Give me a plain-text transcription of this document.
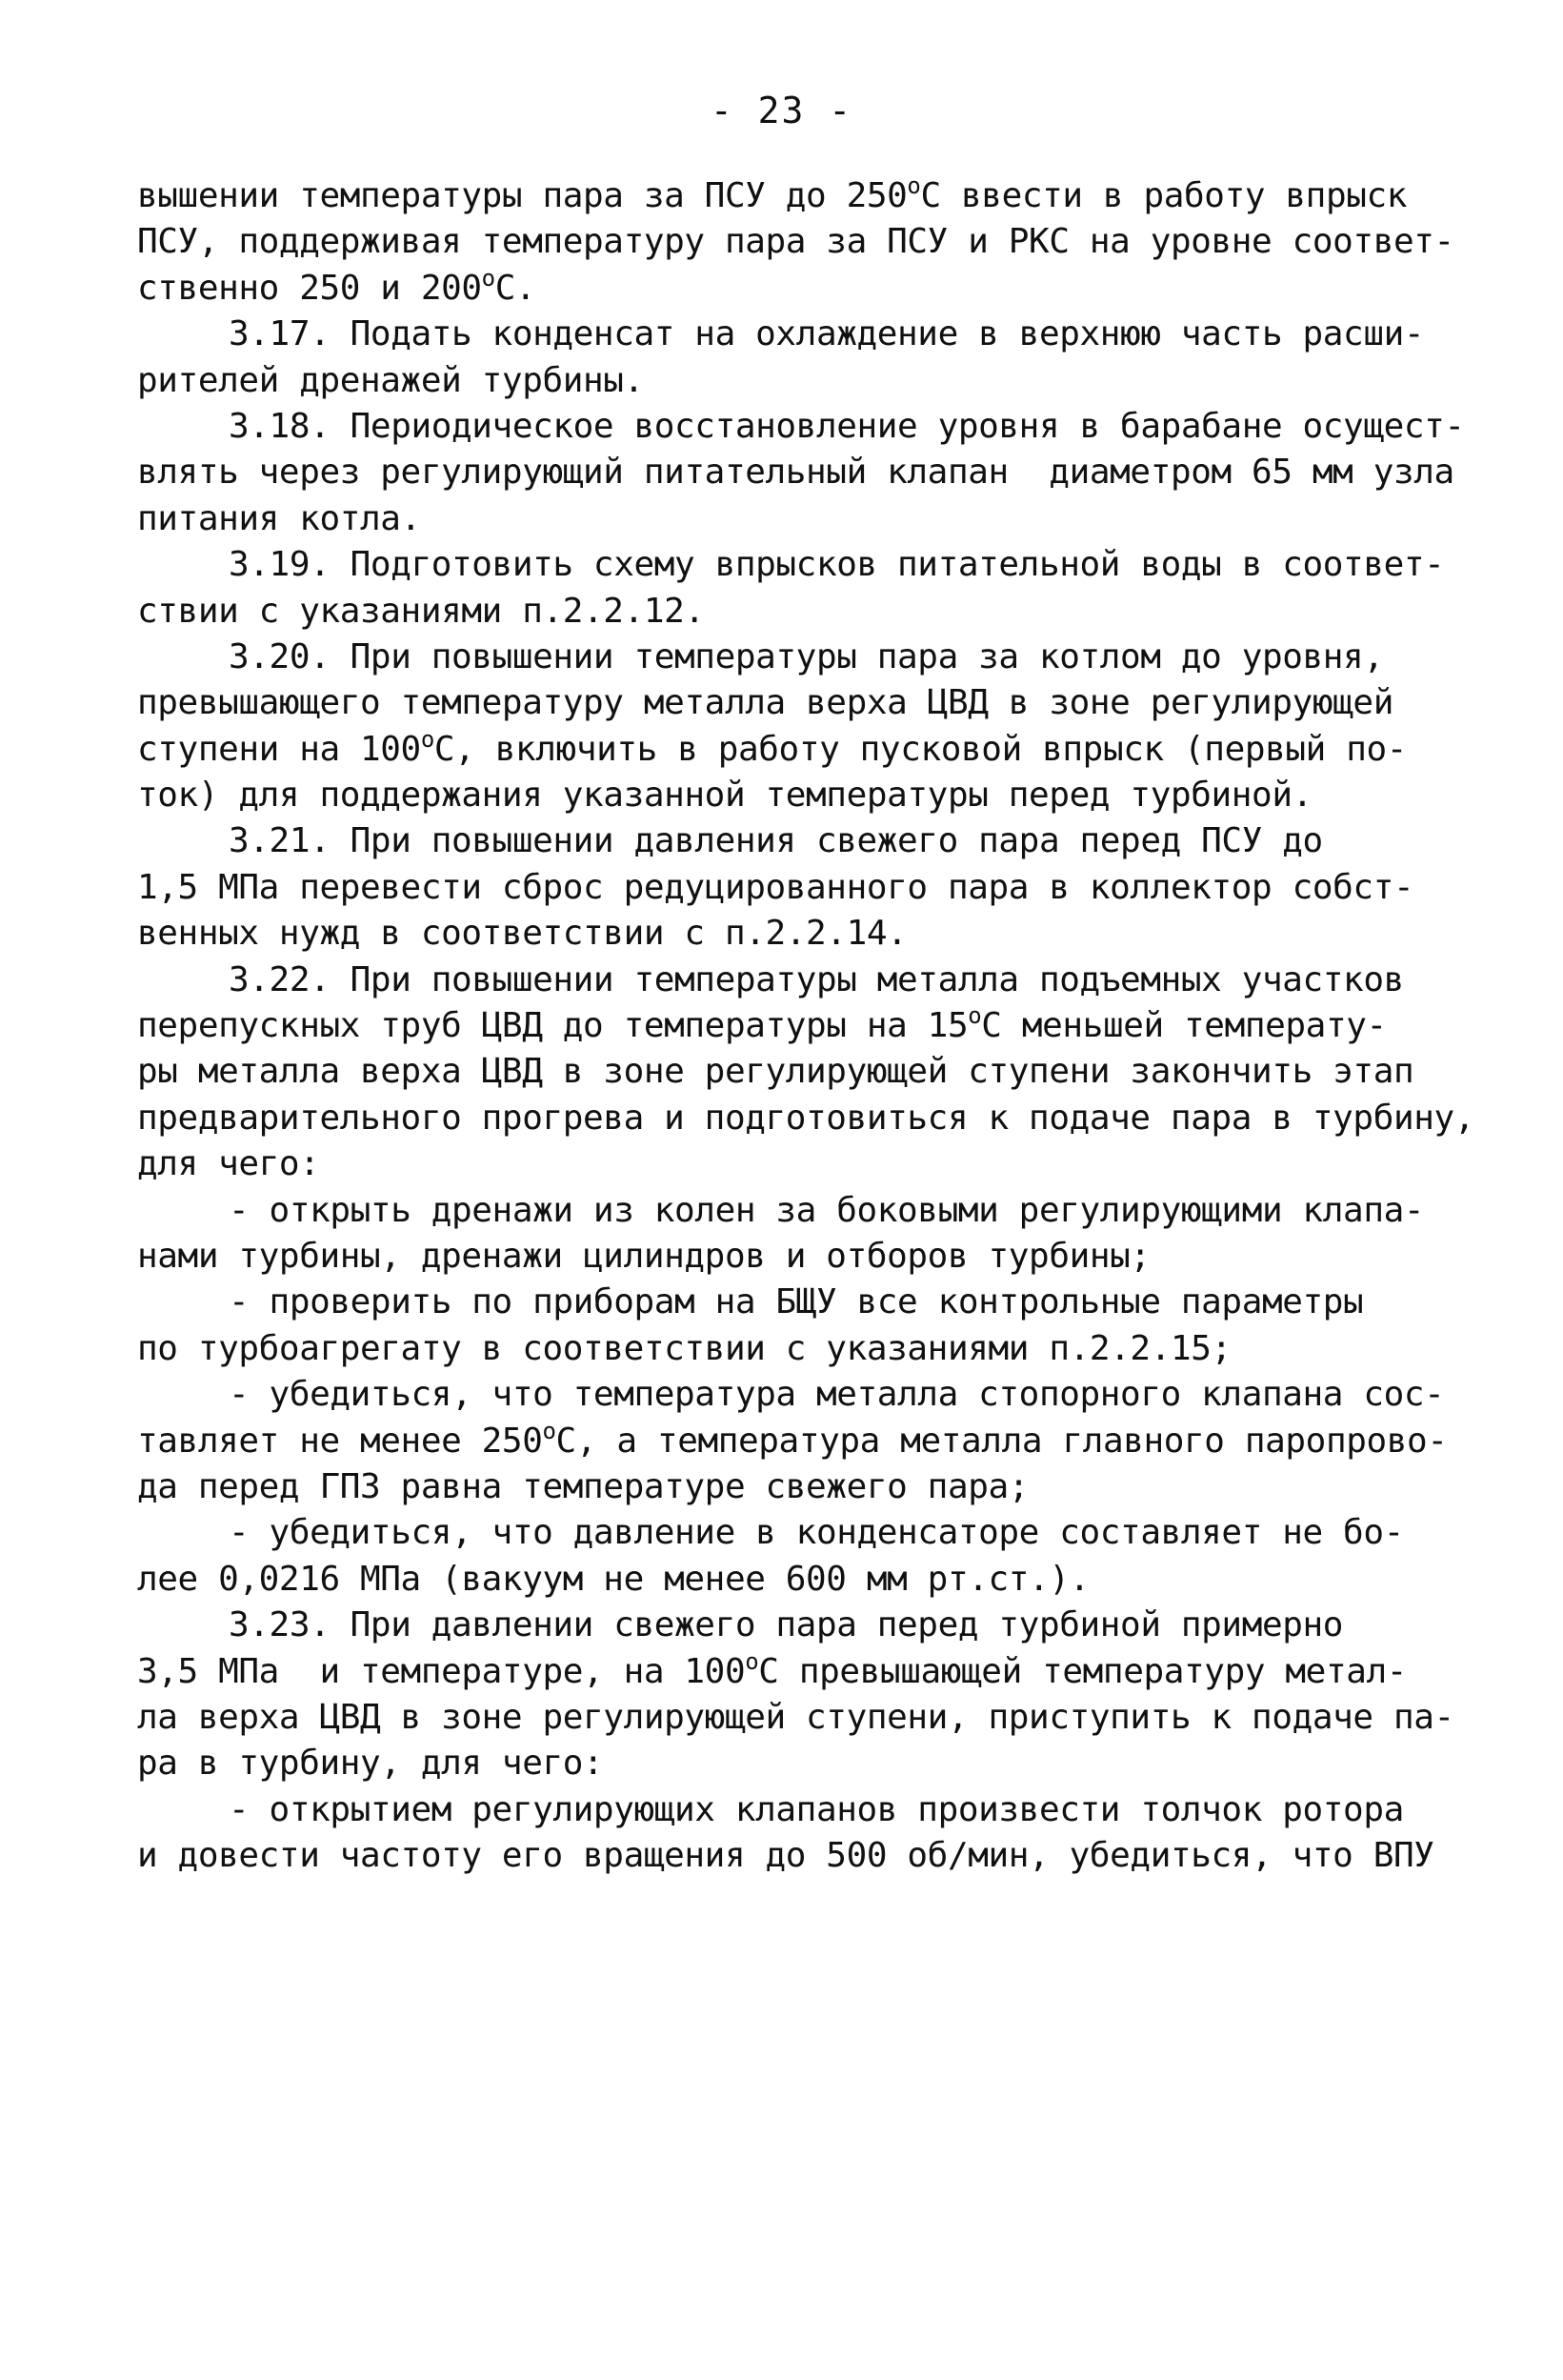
- 23 -
вышении температуры пара за ПСУ до 250$^o$С ввести в работу впрыск
ПСУ, поддерживая температуру пара за ПСУ и РКС на уровне соответ-
ственно 250 и 200$^o$С.
3.17. Подать конденсат на охлаждение в верхнюю часть расши-
рителей дренажей турбины.
3.18. Периодическое восстановление уровня в барабане осущест-
влять через регулирующий питательный клапан  диаметром 65 мм узла
питания котла.
3.19. Подготовить схему впрысков питательной воды в соответ-
ствии с указаниями п.2.2.12.
3.20. При повышении температуры пара за котлом до уровня,
превышающего температуру металла верха ЦВД в зоне регулирующей
ступени на 100$^o$С, включить в работу пусковой впрыск (первый по-
ток) для поддержания указанной температуры перед турбиной.
3.21. При повышении давления свежего пара перед ПСУ до
1,5 МПа перевести сброс редуцированного пара в коллектор собст-
венных нужд в соответствии с п.2.2.14.
3.22. При повышении температуры металла подъемных участков
перепускных труб ЦВД до температуры на 15$^o$С меньшей температу-
ры металла верха ЦВД в зоне регулирующей ступени закончить этап
предварительного прогрева и подготовиться к подаче пара в турбину,
для чего:
- открыть дренажи из колен за боковыми регулирующими клапа-
нами турбины, дренажи цилиндров и отборов турбины;
- проверить по приборам на БЩУ все контрольные параметры
по турбоагрегату в соответствии с указаниями п.2.2.15;
- убедиться, что температура металла стопорного клапана сос-
тавляет не менее 250$^o$С, а температура металла главного паропрово-
да перед ГПЗ равна температуре свежего пара;
- убедиться, что давление в конденсаторе составляет не бо-
лее 0,0216 МПа (вакуум не менее 600 мм рт.ст.).
3.23. При давлении свежего пара перед турбиной примерно
3,5 МПа  и температуре, на 100$^o$С превышающей температуру метал-
ла верха ЦВД в зоне регулирующей ступени, приступить к подаче па-
ра в турбину, для чего:
- открытием регулирующих клапанов произвести толчок ротора
и довести частоту его вращения до 500 об/мин, убедиться, что ВПУ
